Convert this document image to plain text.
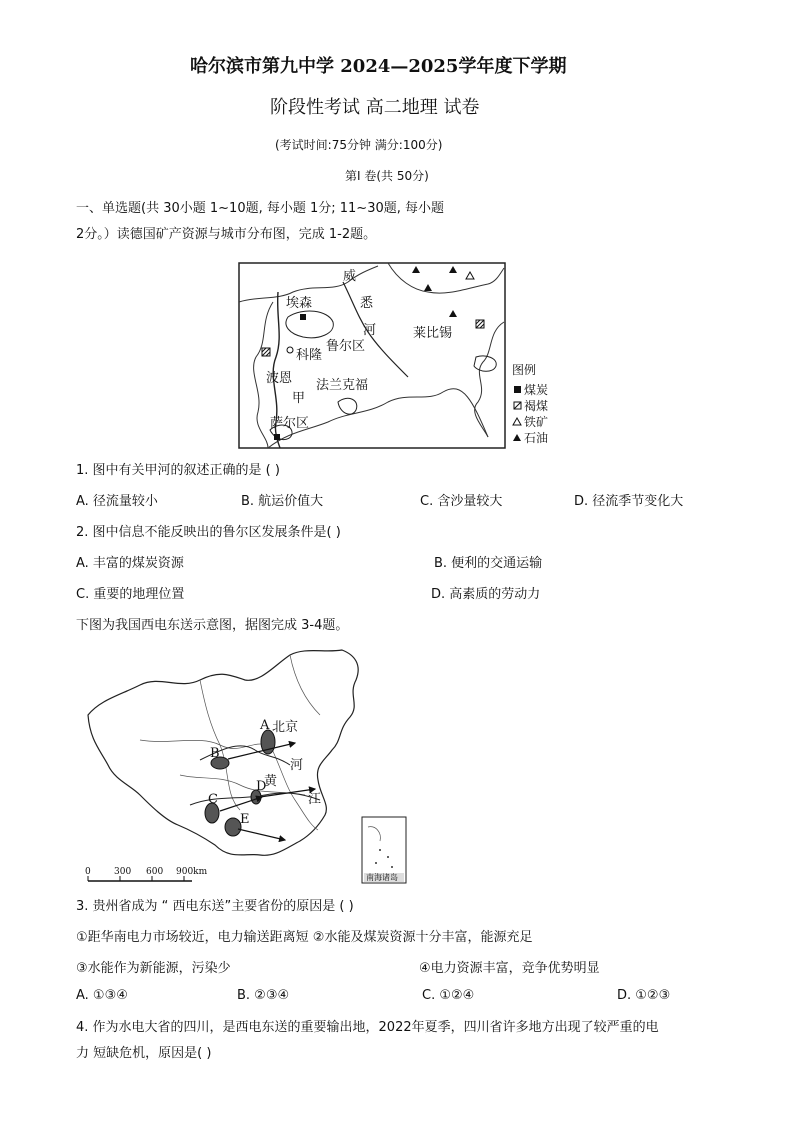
哈尔滨市第九中学 2024—2025学年度下学期
阶段性考试 高二地理 试卷
(考试时间:75分钟 满分:100分)
第Ⅰ 卷(共 50分)
一、单选题(共 30小题 1~10题, 每小题 1分; 11~30题, 每小题
2分。）读德国矿产资源与城市分布图，完成 1-2题。
威
悉
河
埃森
莱比锡
科隆
鲁尔区
波恩
甲
法兰克福
萨尔区
图例
煤炭
褐煤
铁矿
石油
1. 图中有关甲河的叙述正确的是 ( )
A. 径流量较小	B. 航运价值大	C. 含沙量较大	D. 径流季节变化大
2. 图中信息不能反映出的鲁尔区发展条件是( )
A. 丰富的煤炭资源	B. 便利的交通运输
C. 重要的地理位置	D. 高素质的劳动力
下图为我国西电东送示意图，据图完成 3-4题。
A 北京
B
黄
河
C
D
E
江
0	300 600 900km
南海诸岛
3. 贵州省成为 “ 西电东送”主要省份的原因是 ( )
①距华南电力市场较近，电力输送距离短 ②水能及煤炭资源十分丰富，能源充足
③水能作为新能源，污染少	④电力资源丰富，竞争优势明显
A. ①③④	B. ②③④	C. ①②④	D. ①②③
4. 作为水电大省的四川，是西电东送的重要输出地，2022年夏季，四川省许多地方出现了较严重的电
力 短缺危机，原因是( )
